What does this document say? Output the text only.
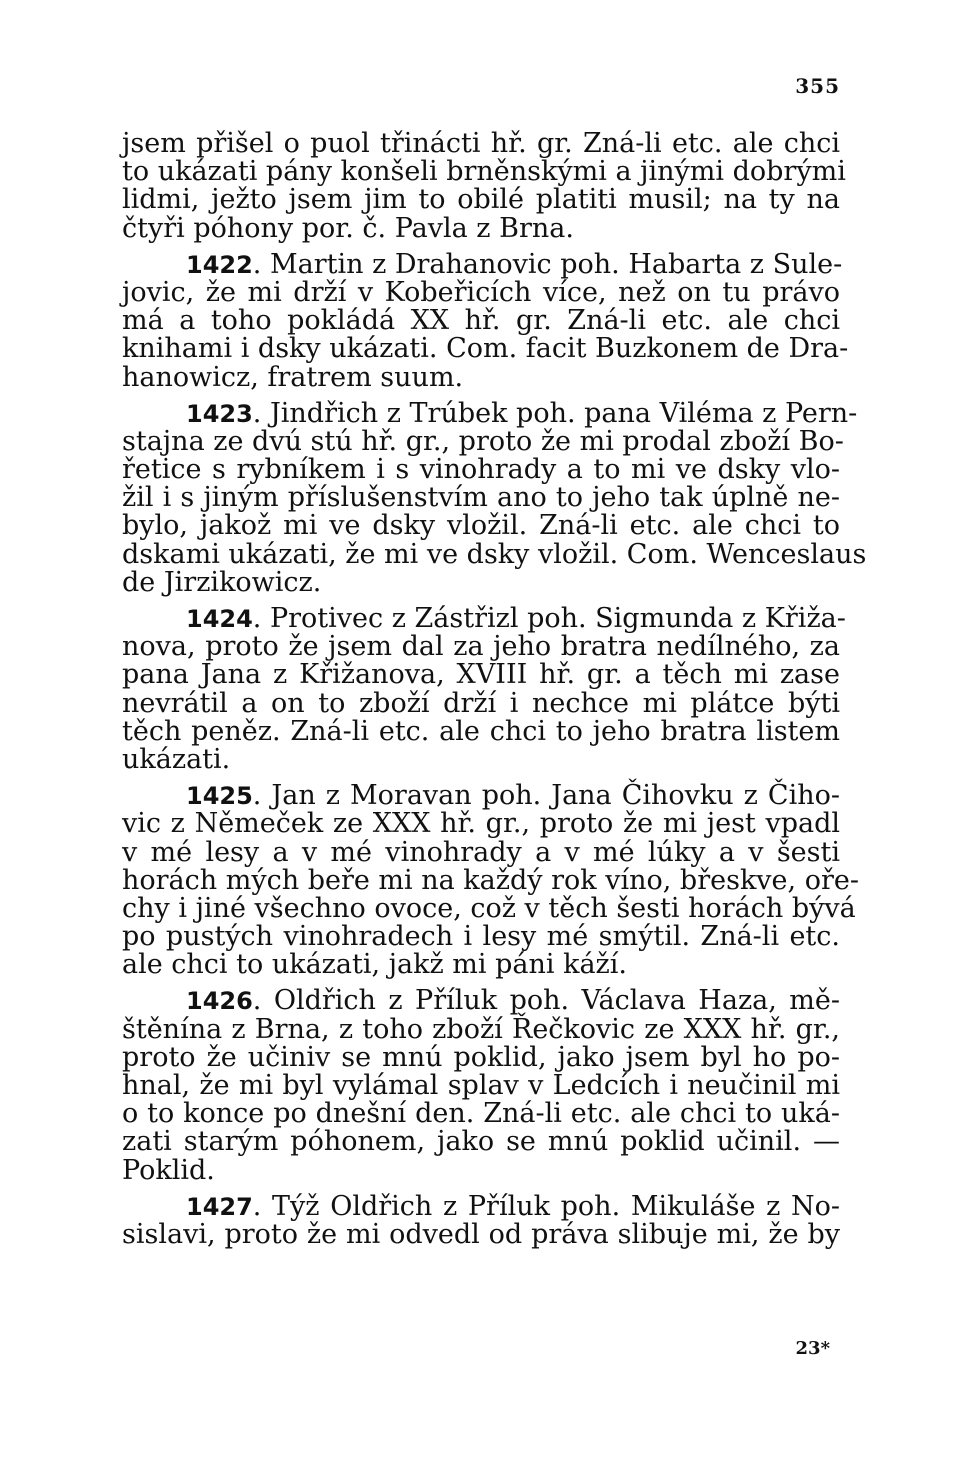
355
jsem přišel o puol třinácti hř. gr. Zná-li etc. ale chci
to ukázati pány konšeli brněnskými a jinými dobrými
lidmi, ježto jsem jim to obilé platiti musil; na ty na
čtyři póhony por. č. Pavla z Brna.
1422. Martin z Drahanovic poh. Habarta z Sule-
jovic, že mi drží v Kobeřicích více, než on tu právo
má a toho pokládá XX hř. gr. Zná-li etc. ale chci
knihami i dsky ukázati. Com. facit Buzkonem de Dra-
hanowicz, fratrem suum.
1423. Jindřich z Trúbek poh. pana Viléma z Pern-
stajna ze dvú stú hř. gr., proto že mi prodal zboží Bo-
řetice s rybníkem i s vinohrady a to mi ve dsky vlo-
žil i s jiným příslušenstvím ano to jeho tak úplně ne-
bylo, jakož mi ve dsky vložil. Zná-li etc. ale chci to
dskami ukázati, že mi ve dsky vložil. Com. Wenceslaus
de Jirzikowicz.
1424. Protivec z Zástřizl poh. Sigmunda z Křiža-
nova, proto že jsem dal za jeho bratra nedílného, za
pana Jana z Křižanova, XVIII hř. gr. a těch mi zase
nevrátil a on to zboží drží i nechce mi plátce býti
těch peněz. Zná-li etc. ale chci to jeho bratra listem
ukázati.
1425. Jan z Moravan poh. Jana Čihovku z Čiho-
vic z Němeček ze XXX hř. gr., proto že mi jest vpadl
v mé lesy a v mé vinohrady a v mé lúky a v šesti
horách mých beře mi na každý rok víno, břeskve, oře-
chy i jiné všechno ovoce, což v těch šesti horách bývá
po pustých vinohradech i lesy mé smýtil. Zná-li etc.
ale chci to ukázati, jakž mi páni káží.
1426. Oldřich z Příluk poh. Václava Haza, mě-
štěnína z Brna, z toho zboží Řečkovic ze XXX hř. gr.,
proto že učiniv se mnú poklid, jako jsem byl ho po-
hnal, že mi byl vylámal splav v Ledcích i neučinil mi
o to konce po dnešní den. Zná-li etc. ale chci to uká-
zati starým póhonem, jako se mnú poklid učinil. —
Poklid.
1427. Týž Oldřich z Příluk poh. Mikuláše z No-
sislavi, proto že mi odvedl od práva slibuje mi, že by
23*
